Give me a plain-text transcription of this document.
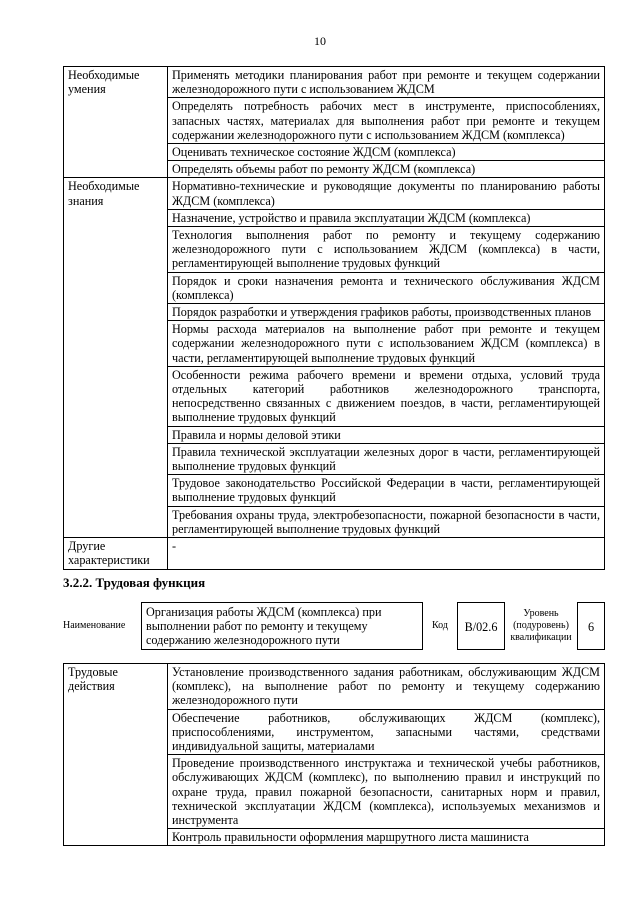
10
Необходимые умения	Применять методики планирования работ при ремонте и текущем содержании железнодорожного пути с использованием ЖДСМ
	Определять потребность рабочих мест в инструменте, приспособлениях, запасных частях, материалах для выполнения работ при ремонте и текущем содержании железнодорожного пути с использованием ЖДСМ (комплекса)
	Оценивать техническое состояние ЖДСМ (комплекса)
	Определять объемы работ по ремонту ЖДСМ (комплекса)
Необходимые знания	Нормативно-технические и руководящие документы по планированию работы ЖДСМ (комплекса)
	Назначение, устройство и правила эксплуатации ЖДСМ (комплекса)
	Технология выполнения работ по ремонту и текущему содержанию железнодорожного пути с использованием ЖДСМ (комплекса) в части, регламентирующей выполнение трудовых функций
	Порядок и сроки назначения ремонта и технического обслуживания ЖДСМ (комплекса)
	Порядок разработки и утверждения графиков работы, производственных планов
	Нормы расхода материалов на выполнение работ при ремонте и текущем содержании железнодорожного пути с использованием ЖДСМ (комплекса) в части, регламентирующей выполнение трудовых функций
	Особенности режима рабочего времени и времени отдыха, условий труда отдельных категорий работников железнодорожного транспорта, непосредственно связанных с движением поездов, в части, регламентирующей выполнение трудовых функций
	Правила и нормы деловой этики
	Правила технической эксплуатации железных дорог в части, регламентирующей выполнение трудовых функций
	Трудовое законодательство Российской Федерации в части, регламентирующей выполнение трудовых функций
	Требования охраны труда, электробезопасности, пожарной безопасности в части, регламентирующей выполнение трудовых функций
Другие характеристики	-
3.2.2. Трудовая функция
Наименование	
Организация работы ЖДСМ (комплекса) при выполнении работ по ремонту и текущему содержанию железнодорожного пути
	Код	B/02.6
	Уровень (подуровень) квалификации	
6
Трудовые действия	Установление производственного задания работникам, обслуживающим ЖДСМ (комплекс), на выполнение работ по ремонту и текущему содержанию железнодорожного пути
Обеспечение работников, обслуживающих ЖДСМ (комплекс), приспособлениями, инструментом, запасными частями, средствами индивидуальной защиты, материалами
Проведение производственного инструктажа и технической учебы работников, обслуживающих ЖДСМ (комплекс), по выполнению правил и инструкций по охране труда, правил пожарной безопасности, санитарных норм и правил, технической эксплуатации ЖДСМ (комплекса), используемых механизмов и инструмента
Контроль правильности оформления маршрутного листа машиниста
